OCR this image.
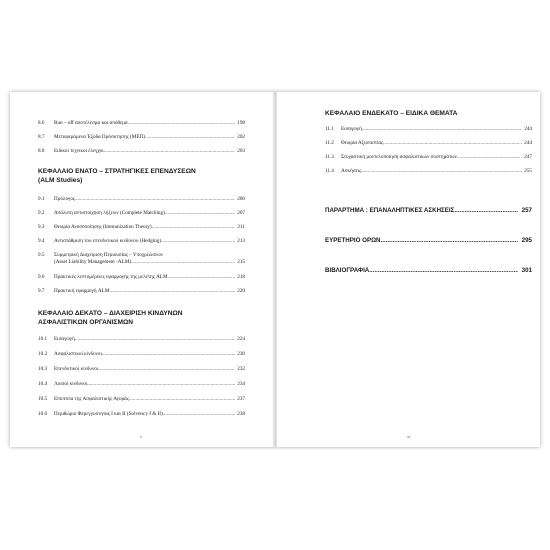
8.6 Run – off αποτέλεσμα και απόθεμα .....	198
8.7 Μεταφερόμενα Έξοδα Πρόσκτησης (ΜΕΠ) .....	202
8.8 Ειδικοί τεχνικοί έλεγχοι .....	203
ΚΕΦΑΛΑΙΟ ΕΝΑΤΟ – ΣΤΡΑΤΗΓΙΚΕΣ ΕΠΕΝΔΥΣΕΩΝ
(ALM Studies)
9.1 Πρόλογος .....	206
9.2 Απόλυτη αντιστοίχηση λήξεων (Complete Matching) .....	207
9.3 Θεωρία Ανοσοποίησης (Immunization Theory) .....	211
9.4 Αντιστάθμιση του επενδυτικού κινδύνου (Hedging) .....	213
9.5 Συμμετρική Διαχείριση Περιουσίας – Υποχρεώσεων
(Asset Liability Management -ALM) .....	215
9.6 Πρακτικές λεπτομέρειες εφαρμογής της μελέτης ALM .....	218
9.7 Πρακτική εφαρμογή ALM .....	220
ΚΕΦΑΛΑΙΟ ΔΕΚΑΤΟ – ΔΙΑΧΕΙΡΙΣΗ ΚΙΝΔΥΝΩΝ
ΑΣΦΑΛΙΣΤΙΚΩΝ ΟΡΓΑΝΙΣΜΩΝ
10.1 Εισαγωγή .....	224
10.2 Ασφαλιστικοί κίνδυνοι .....	230
10.3 Επενδυτικοί κίνδυνοι .....	232
10.4 Λοιποί κίνδυνοι .....	234
10.5 Εποπτεία της Ασφαλιστικής Αγοράς .....	237
10.6 Περιθώριο Φερεγγυότητας I και II (Solvency I & II) .....	238
x
ΚΕΦΑΛΑΙΟ ΕΝΔΕΚΑΤΟ – ΕΙΔΙΚΑ ΘΕΜΑΤΑ
11.1 Εισαγωγή .....	244
11.2 Θεωρία Αξιοπιστίας .....	244
11.3 Στοχαστική μοντελοποίηση ασφαλιστικών συστημάτων .....	247
11.4 Ασκήσεις .....	255
ΠΑΡΑΡΤΗΜΑ : ΕΠΑΝΑΛΗΠΤΙΚΕΣ ΑΣΚΗΣΕΙΣ .....	257
ΕΥΡΕΤΗΡΙΟ ΟΡΩΝ .....	295
ΒΙΒΛΙΟΓΡΑΦΙΑ .....	301
xi
